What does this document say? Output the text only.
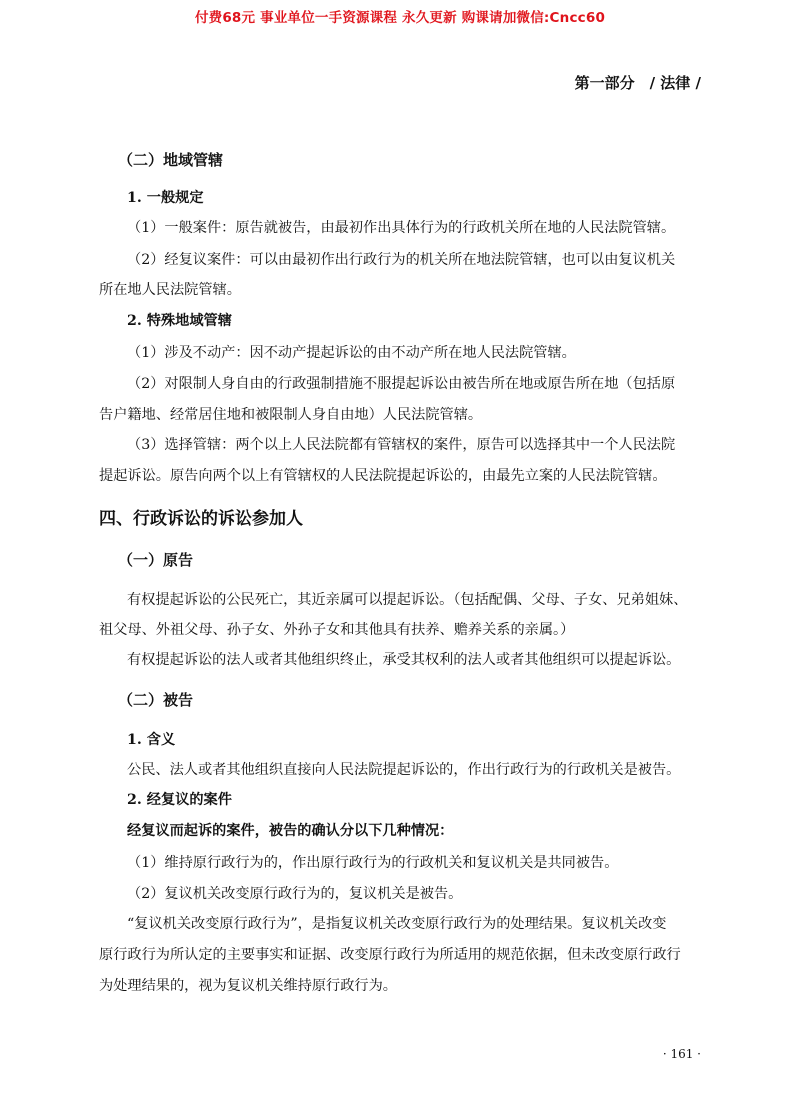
付费68元 事业单位一手资源课程 永久更新 购课请加微信:Cncc60
第一部分　/ 法律 /
（二）地域管辖
1. 一般规定
（1）一般案件：原告就被告，由最初作出具体行为的行政机关所在地的人民法院管辖。
（2）经复议案件：可以由最初作出行政行为的机关所在地法院管辖，也可以由复议机关
所在地人民法院管辖。
2. 特殊地域管辖
（1）涉及不动产：因不动产提起诉讼的由不动产所在地人民法院管辖。
（2）对限制人身自由的行政强制措施不服提起诉讼由被告所在地或原告所在地（包括原
告户籍地、经常居住地和被限制人身自由地）人民法院管辖。
（3）选择管辖：两个以上人民法院都有管辖权的案件，原告可以选择其中一个人民法院
提起诉讼。原告向两个以上有管辖权的人民法院提起诉讼的，由最先立案的人民法院管辖。
四、行政诉讼的诉讼参加人
（一）原告
有权提起诉讼的公民死亡，其近亲属可以提起诉讼。（包括配偶、父母、子女、兄弟姐妹、
祖父母、外祖父母、孙子女、外孙子女和其他具有扶养、赡养关系的亲属。）
有权提起诉讼的法人或者其他组织终止，承受其权利的法人或者其他组织可以提起诉讼。
（二）被告
1. 含义
公民、法人或者其他组织直接向人民法院提起诉讼的，作出行政行为的行政机关是被告。
2. 经复议的案件
经复议而起诉的案件，被告的确认分以下几种情况：
（1）维持原行政行为的，作出原行政行为的行政机关和复议机关是共同被告。
（2）复议机关改变原行政行为的，复议机关是被告。
“复议机关改变原行政行为”，是指复议机关改变原行政行为的处理结果。复议机关改变
原行政行为所认定的主要事实和证据、改变原行政行为所适用的规范依据，但未改变原行政行
为处理结果的，视为复议机关维持原行政行为。
· 161 ·
